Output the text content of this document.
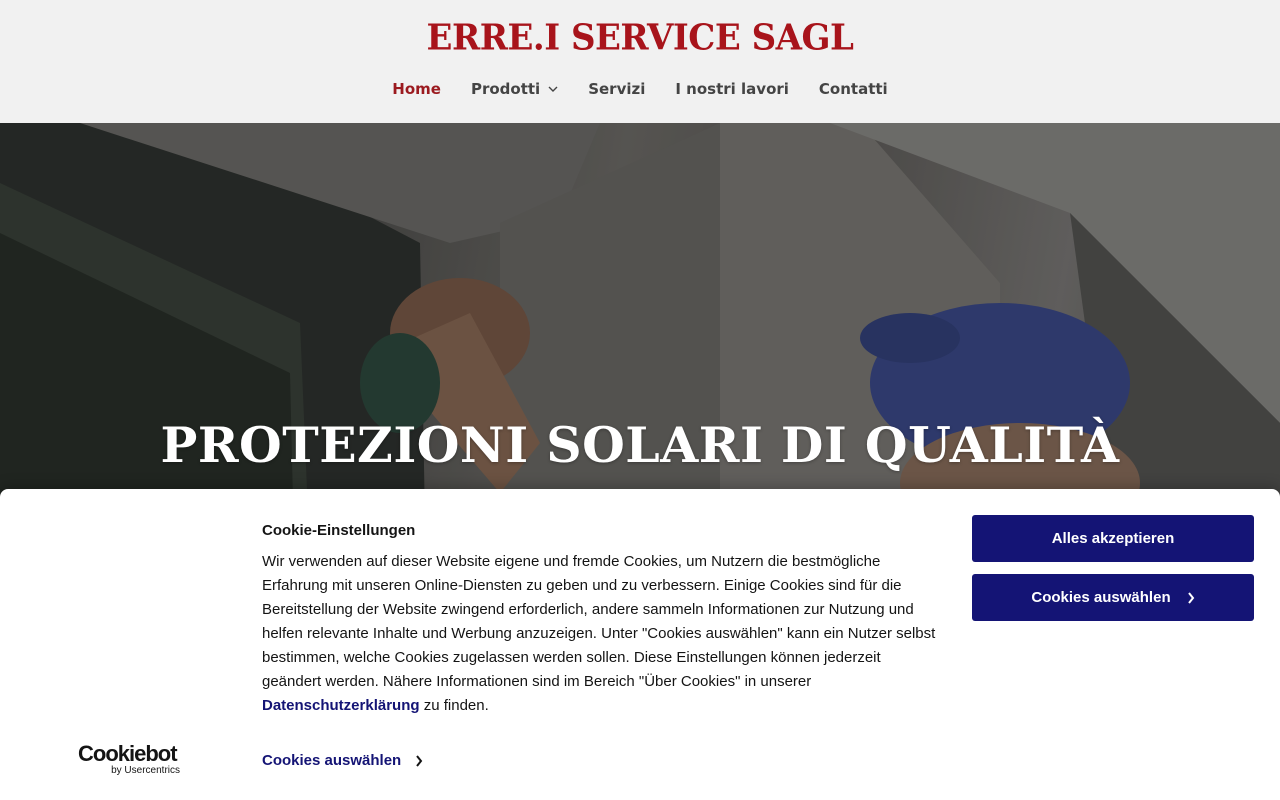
ERRE.I SERVICE SAGL
Home Prodotti	Servizi I nostri lavori Contatti
PROTEZIONI SOLARI DI QUALITÀ
Cookiebot
by Usercentrics
Cookie-Einstellungen

Wir verwenden auf dieser Website eigene und fremde Cookies, um Nutzern die bestmögliche Erfahrung mit unseren Online-Diensten zu geben und zu verbessern. Einige Cookies sind für die Bereitstellung der Website zwingend erforderlich, andere sammeln Informationen zur Nutzung und helfen relevante Inhalte und Werbung anzuzeigen. Unter "Cookies auswählen" kann ein Nutzer selbst bestimmen, welche Cookies zugelassen werden sollen. Diese Einstellungen können jederzeit geändert werden. Nähere Informationen sind im Bereich "Über Cookies" in unserer Datenschutzerklärung zu finden.

Cookies auswählen
Alles akzeptieren
Cookies auswählen
